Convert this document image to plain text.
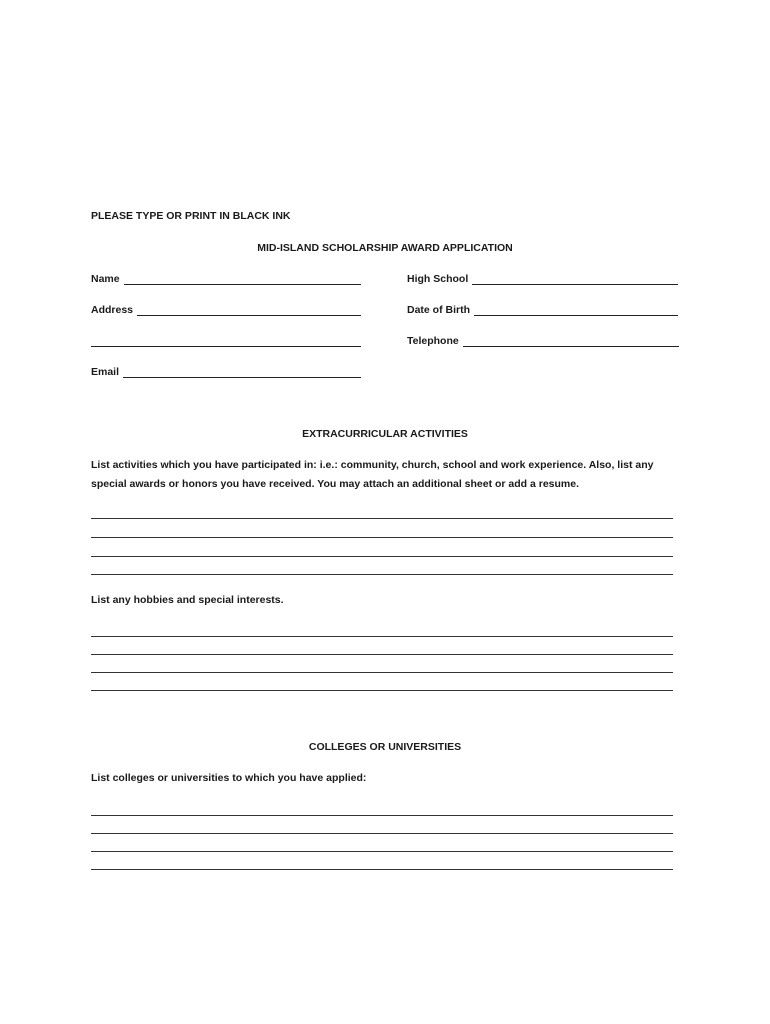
PLEASE TYPE OR PRINT IN BLACK INK
MID-ISLAND SCHOLARSHIP AWARD APPLICATION
Name	High School
Address	Date of Birth
Telephone
Email
EXTRACURRICULAR ACTIVITIES
List activities which you have participated in: i.e.: community, church, school and work experience. Also, list any special awards or honors you have received. You may attach an additional sheet or add a resume.
List any hobbies and special interests.
COLLEGES OR UNIVERSITIES
List colleges or universities to which you have applied:
